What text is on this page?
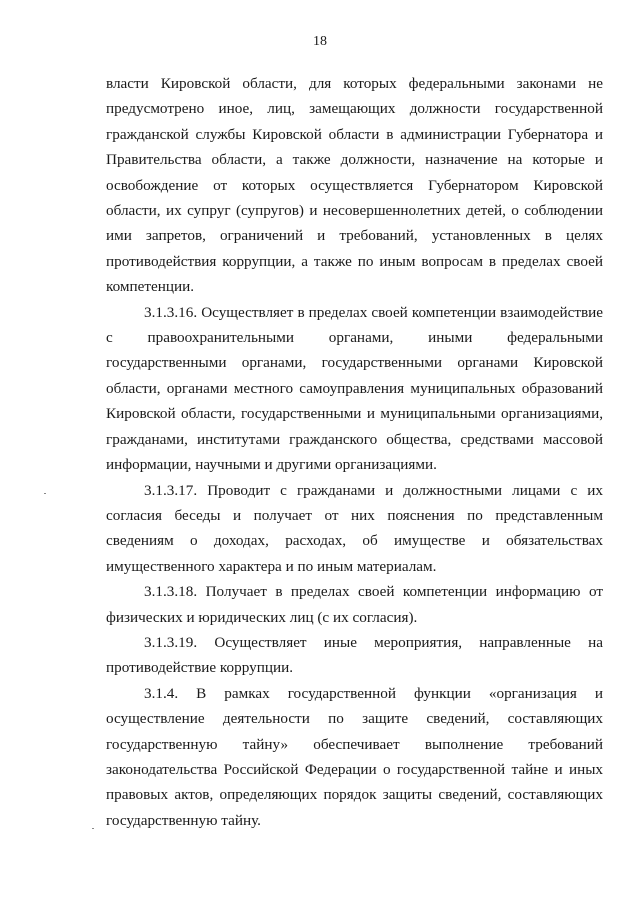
18

власти Кировской области, для которых федеральными законами не предусмотрено иное, лиц, замещающих должности государственной гражданской службы Кировской области в администрации Губернатора и Правительства области, а также должности, назначение на которые и освобождение от которых осуществляется Губернатором Кировской области, их супруг (супругов) и несовершеннолетних детей, о соблюдении ими запретов, ограничений и требований, установленных в целях противодействия коррупции, а также по иным вопросам в пределах своей компетенции.

3.1.3.16. Осуществляет в пределах своей компетенции взаимодействие с правоохранительными органами, иными федеральными государственными органами, государственными органами Кировской области, органами местного самоуправления муниципальных образований Кировской области, государственными и муниципальными организациями, гражданами, институтами гражданского общества, средствами массовой информации, научными и другими организациями.

3.1.3.17. Проводит с гражданами и должностными лицами с их согласия беседы и получает от них пояснения по представленным сведениям о доходах, расходах, об имуществе и обязательствах имущественного характера и по иным материалам.

3.1.3.18. Получает в пределах своей компетенции информацию от физических и юридических лиц (с их согласия).

3.1.3.19. Осуществляет иные мероприятия, направленные на противодействие коррупции.

3.1.4. В рамках государственной функции «организация и осуществление деятельности по защите сведений, составляющих государственную тайну» обеспечивает выполнение требований законодательства Российской Федерации о государственной тайне и иных правовых актов, определяющих порядок защиты сведений, составляющих государственную тайну.
